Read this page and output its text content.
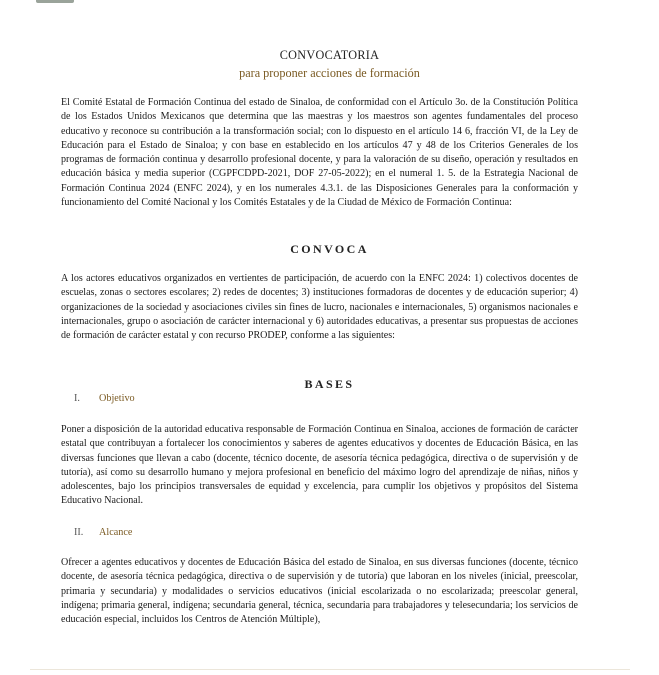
CONVOCATORIA
para proponer acciones de formación

El Comité Estatal de Formación Continua del estado de Sinaloa, de conformidad con el Artículo 3o. de la Constitución Política de los Estados Unidos Mexicanos que determina que las maestras y los maestros son agentes fundamentales del proceso educativo y reconoce su contribución a la transformación social; con lo dispuesto en el artículo 14 6, fracción VI, de la Ley de Educación para el Estado de Sinaloa; y con base en establecido en los artículos 47 y 48 de los Criterios Generales de los programas de formación continua y desarrollo profesional docente, y para la valoración de su diseño, operación y resultados en educación básica y media superior (CGPFCDPD-2021, DOF 27-05-2022); en el numeral 1. 5. de la Estrategia Nacional de Formación Continua 2024 (ENFC 2024), y en los numerales 4.3.1. de las Disposiciones Generales para la conformación y funcionamiento del Comité Nacional y los Comités Estatales y de la Ciudad de México de Formación Continua:

CONVOCA

A los actores educativos organizados en vertientes de participación, de acuerdo con la ENFC 2024: 1) colectivos docentes de escuelas, zonas o sectores escolares; 2) redes de docentes; 3) instituciones formadoras de docentes y de educación superior; 4) organizaciones de la sociedad y asociaciones civiles sin fines de lucro, nacionales e internacionales, 5) organismos nacionales e internacionales, grupo o asociación de carácter internacional y 6) autoridades educativas, a presentar sus propuestas de acciones de formación de carácter estatal y con recurso PRODEP, conforme a las siguientes:

BASES
I. Objetivo

Poner a disposición de la autoridad educativa responsable de Formación Continua en Sinaloa, acciones de formación de carácter estatal que contribuyan a fortalecer los conocimientos y saberes de agentes educativos y docentes de Educación Básica, en las diversas funciones que llevan a cabo (docente, técnico docente, de asesoría técnica pedagógica, directiva o de supervisión y de tutoría), así como su desarrollo humano y mejora profesional en beneficio del máximo logro del aprendizaje de niñas, niños y adolescentes, bajo los principios transversales de equidad y excelencia, para cumplir los objetivos y propósitos del Sistema Educativo Nacional.

II. Alcance

Ofrecer a agentes educativos y docentes de Educación Básica del estado de Sinaloa, en sus diversas funciones (docente, técnico docente, de asesoría técnica pedagógica, directiva o de supervisión y de tutoría) que laboran en los niveles (inicial, preescolar, primaria y secundaria) y modalidades o servicios educativos (inicial escolarizada o no escolarizada; preescolar general, indígena; primaria general, indígena; secundaria general, técnica, secundaria para trabajadores y telesecundaria; los servicios de educación especial, incluidos los Centros de Atención Múltiple),
